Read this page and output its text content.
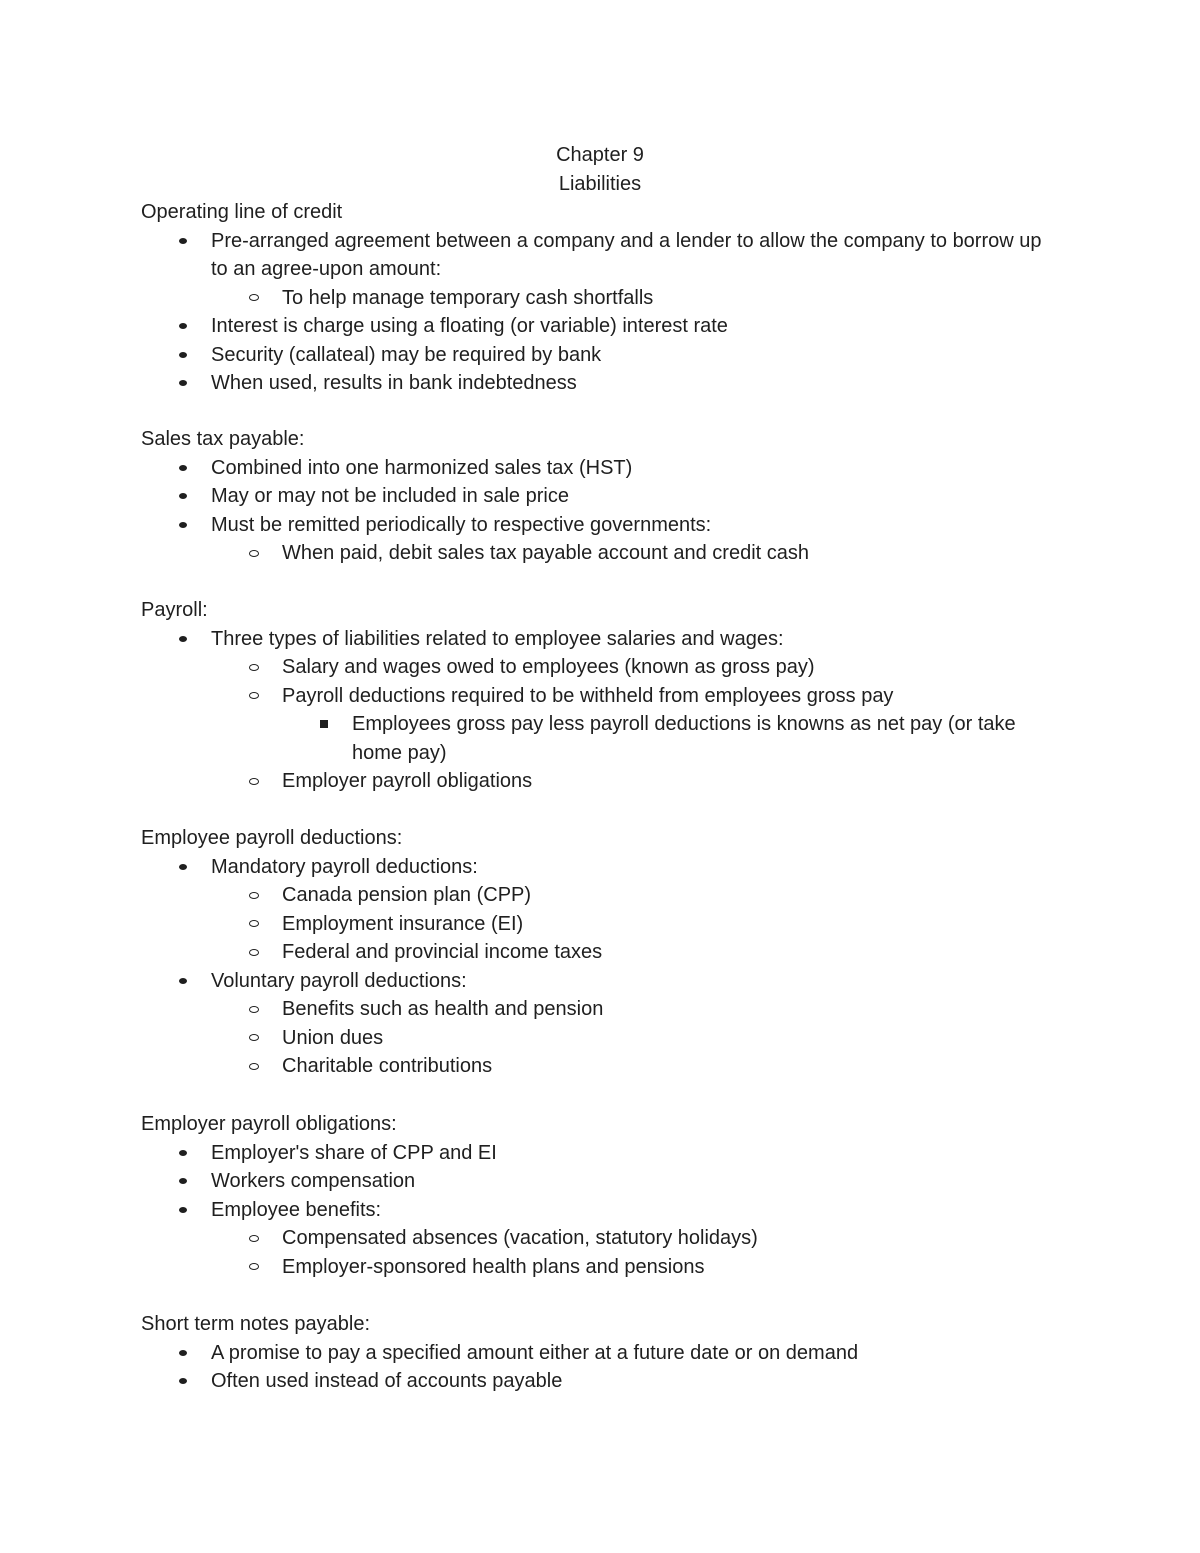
Chapter 9
Liabilities
Operating line of credit
Pre-arranged agreement between a company and a lender to allow the company to borrow up to an agree-upon amount:
To help manage temporary cash shortfalls
Interest is charge using a floating (or variable) interest rate
Security (callateal) may be required by bank
When used, results in bank indebtedness
Sales tax payable:
Combined into one harmonized sales tax (HST)
May or may not be included in sale price
Must be remitted periodically to respective governments:
When paid, debit sales tax payable account and credit cash
Payroll:
Three types of liabilities related to employee salaries and wages:
Salary and wages owed to employees (known as gross pay)
Payroll deductions required to be withheld from employees gross pay
Employees gross pay less payroll deductions is knowns as net pay (or take home pay)
Employer payroll obligations
Employee payroll deductions:
Mandatory payroll deductions:
Canada pension plan (CPP)
Employment insurance (EI)
Federal and provincial income taxes
Voluntary payroll deductions:
Benefits such as health and pension
Union dues
Charitable contributions
Employer payroll obligations:
Employer's share of CPP and EI
Workers compensation
Employee benefits:
Compensated absences (vacation, statutory holidays)
Employer-sponsored health plans and pensions
Short term notes payable:
A promise to pay a specified amount either at a future date or on demand
Often used instead of accounts payable
